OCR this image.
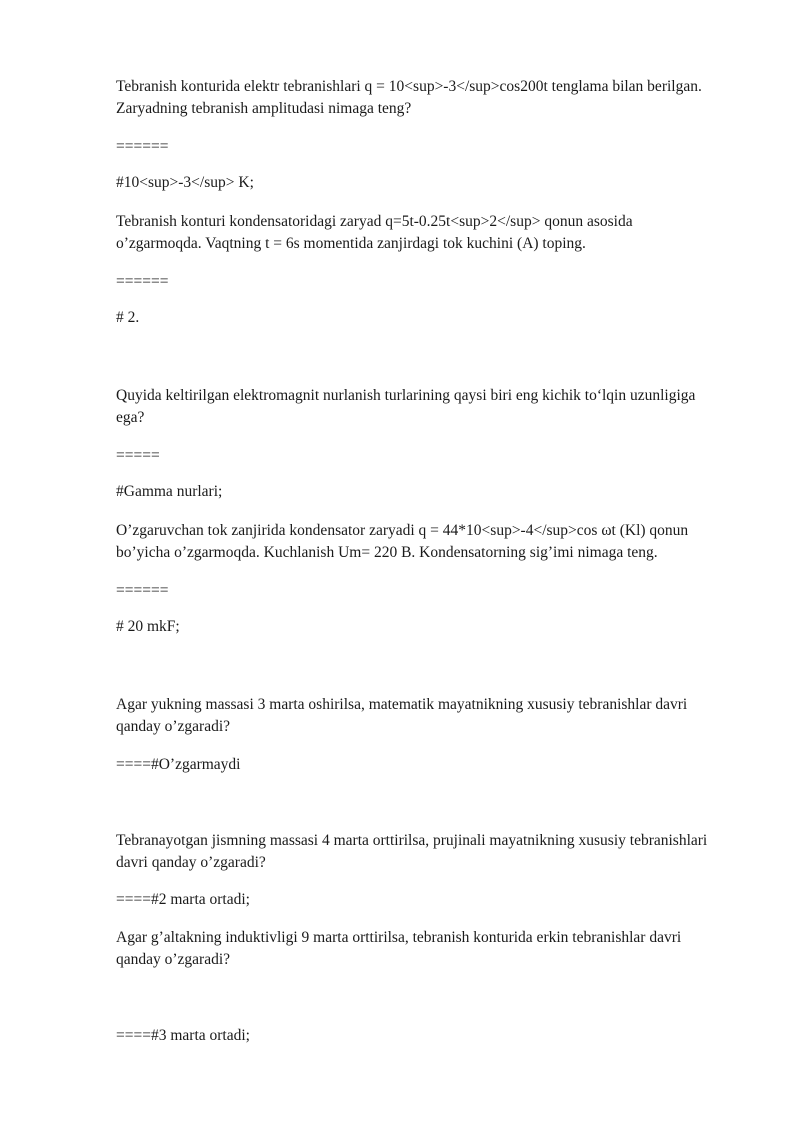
Tebranish konturida elektr tebranishlari q = 10<sup>-3</sup>cos200t tenglama bilan berilgan.

Zaryadning tebranish amplitudasi nimaga teng?

======

#10<sup>-3</sup> K;

Tebranish konturi kondensatoridagi zaryad q=5t-0.25t<sup>2</sup> qonun asosida

o’zgarmoqda. Vaqtning t = 6s momentida zanjirdagi tok kuchini (A) toping.

======

# 2.

Quyida keltirilgan elektromagnit nurlanish turlarining qaysi biri eng kichik to‘lqin uzunligiga

ega?

=====

#Gamma nurlari;

O’zgaruvchan tok zanjirida kondensator zaryadi q = 44*10<sup>-4</sup>cos ωt (Kl) qonun

bo’yicha o’zgarmoqda. Kuchlanish Um= 220 B. Kondensatorning sig’imi nimaga teng.

======

# 20 mkF;

Agar yukning massasi 3 marta oshirilsa, matematik mayatnikning xususiy tebranishlar davri

qanday o’zgaradi?

====#O’zgarmaydi

Tebranayotgan jismning massasi 4 marta orttirilsa, prujinali mayatnikning xususiy tebranishlari

davri qanday o’zgaradi?

====#2 marta ortadi;

Agar g’altakning induktivligi 9 marta orttirilsa, tebranish konturida erkin tebranishlar davri

qanday o’zgaradi?

====#3 marta ortadi;
